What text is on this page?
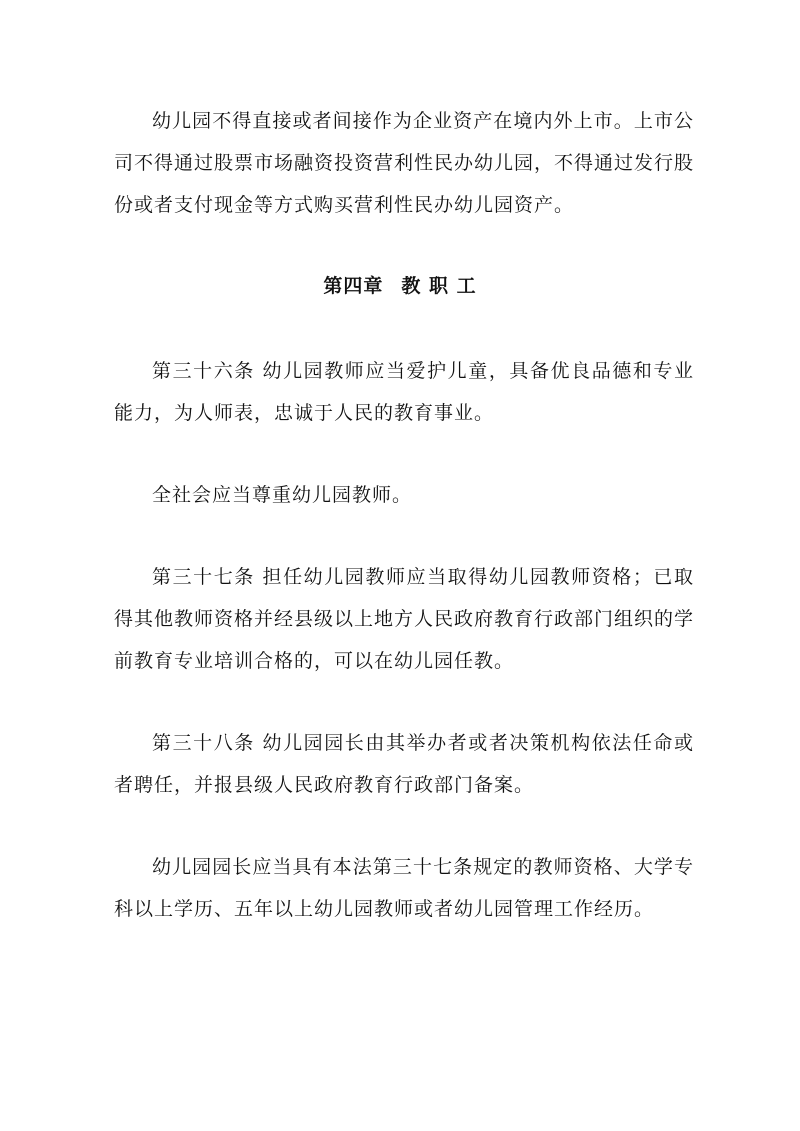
幼儿园不得直接或者间接作为企业资产在境内外上市。上市公司不得通过股票市场融资投资营利性民办幼儿园，不得通过发行股份或者支付现金等方式购买营利性民办幼儿园资产。

第四章 教 职 工

第三十六条 幼儿园教师应当爱护儿童，具备优良品德和专业能力，为人师表，忠诚于人民的教育事业。

全社会应当尊重幼儿园教师。

第三十七条 担任幼儿园教师应当取得幼儿园教师资格；已取得其他教师资格并经县级以上地方人民政府教育行政部门组织的学前教育专业培训合格的，可以在幼儿园任教。

第三十八条 幼儿园园长由其举办者或者决策机构依法任命或者聘任，并报县级人民政府教育行政部门备案。

幼儿园园长应当具有本法第三十七条规定的教师资格、大学专科以上学历、五年以上幼儿园教师或者幼儿园管理工作经历。
